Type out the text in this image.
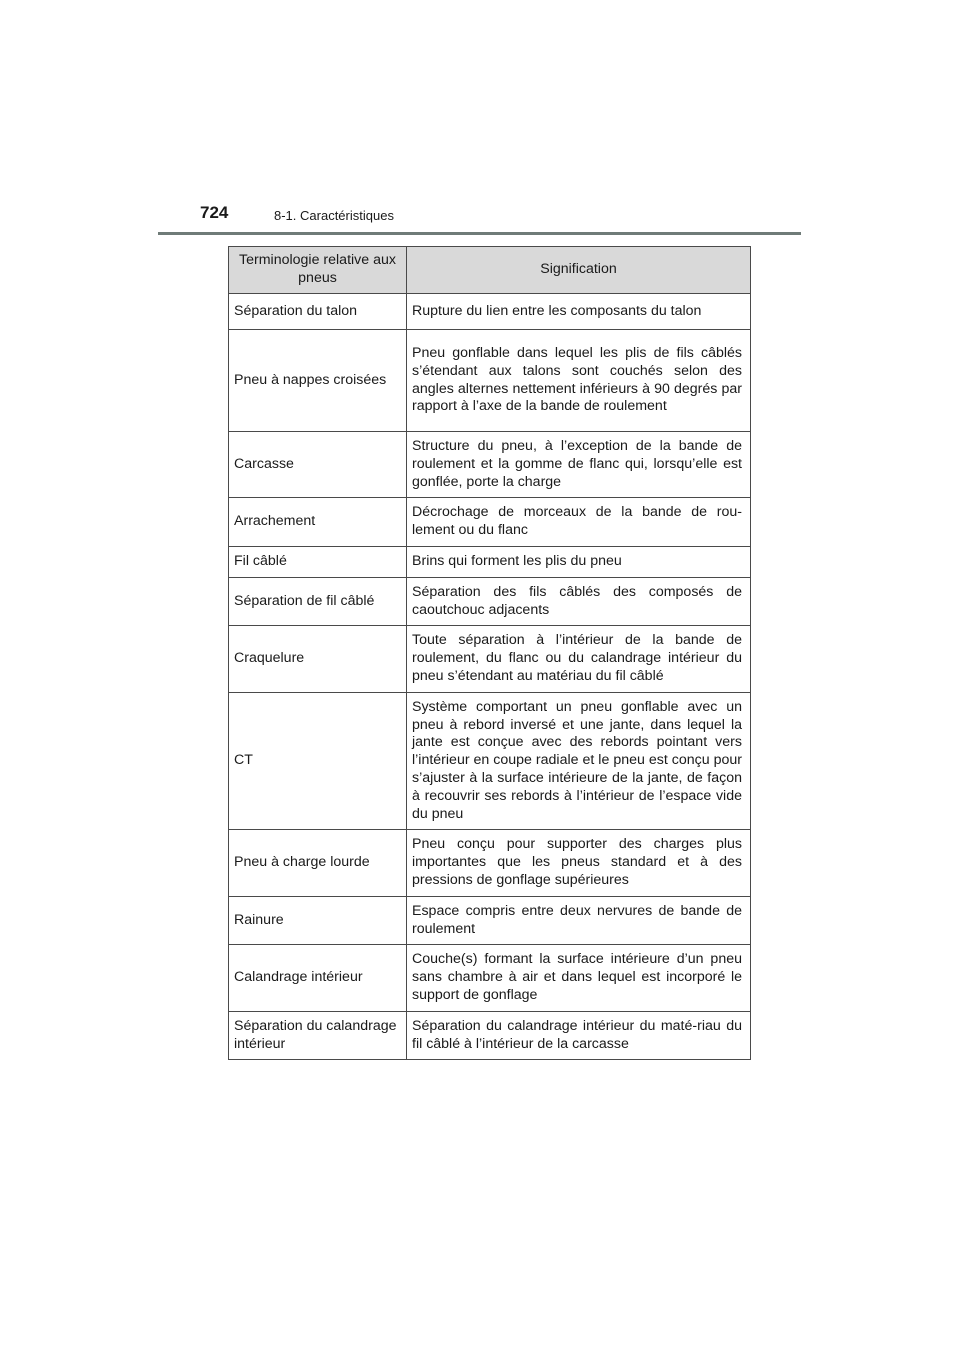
724	8-1. Caractéristiques
Terminologie relative aux pneus	Signification
Séparation du talon	Rupture du lien entre les composants du talon
Pneu à nappes croisées	Pneu gonflable dans lequel les plis de fils câblés s’étendant aux talons sont couchés selon des angles alternes nettement inférieurs à 90 degrés par rapport à l’axe de la bande de roulement
Carcasse	Structure du pneu, à l’exception de la bande de roulement et la gomme de flanc qui, lorsqu’elle est gonflée, porte la charge
Arrachement	Décrochage de morceaux de la bande de rou-lement ou du flanc
Fil câblé	Brins qui forment les plis du pneu
Séparation de fil câblé	Séparation des fils câblés des composés de caoutchouc adjacents
Craquelure	Toute séparation à l’intérieur de la bande de roulement, du flanc ou du calandrage intérieur du pneu s’étendant au matériau du fil câblé
CT	Système comportant un pneu gonflable avec un pneu à rebord inversé et une jante, dans lequel la jante est conçue avec des rebords pointant vers l’intérieur en coupe radiale et le pneu est conçu pour s’ajuster à la surface intérieure de la jante, de façon à recouvrir ses rebords à l’intérieur de l’espace vide du pneu
Pneu à charge lourde	Pneu conçu pour supporter des charges plus importantes que les pneus standard et à des pressions de gonflage supérieures
Rainure	Espace compris entre deux nervures de bande de roulement
Calandrage intérieur	Couche(s) formant la surface intérieure d’un pneu sans chambre à air et dans lequel est incorporé le support de gonflage
Séparation du calandrage intérieur	Séparation du calandrage intérieur du maté-riau du fil câblé à l’intérieur de la carcasse
